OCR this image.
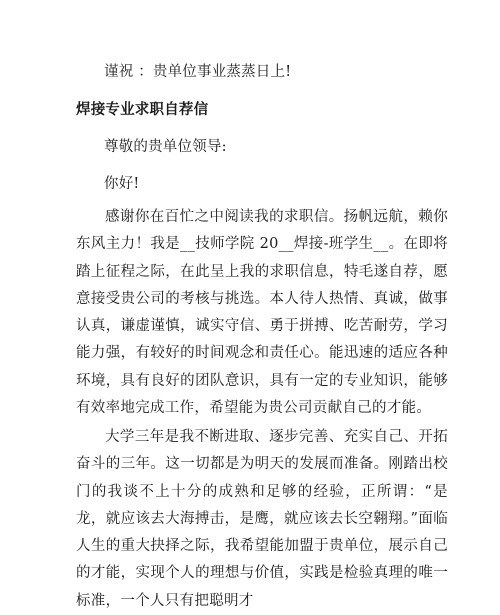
谨祝 ：贵单位事业蒸蒸日上!
焊接专业求职自荐信
尊敬的贵单位领导:
你好!
感谢你在百忙之中阅读我的求职信。扬帆远航，赖你东风主力！我是__技师学院 20__焊接-班学生__。在即将踏上征程之际，在此呈上我的求职信息，特毛遂自荐，愿意接受贵公司的考核与挑选。本人待人热情、真诚，做事认真，谦虚谨慎，诚实守信、勇于拼搏、吃苦耐劳，学习能力强，有较好的时间观念和责任心。能迅速的适应各种环境，具有良好的团队意识，具有一定的专业知识，能够有效率地完成工作，希望能为贵公司贡献自己的才能。
大学三年是我不断进取、逐步完善、充实自己、开拓奋斗的三年。这一切都是为明天的发展而准备。刚踏出校门的我谈不上十分的成熟和足够的经验，正所谓：“是龙，就应该去大海搏击，是鹰，就应该去长空翱翔。”面临人生的重大抉择之际，我希望能加盟于贵单位，展示自己的才能，实现个人的理想与价值，实践是检验真理的唯一标准，一个人只有把聪明才
